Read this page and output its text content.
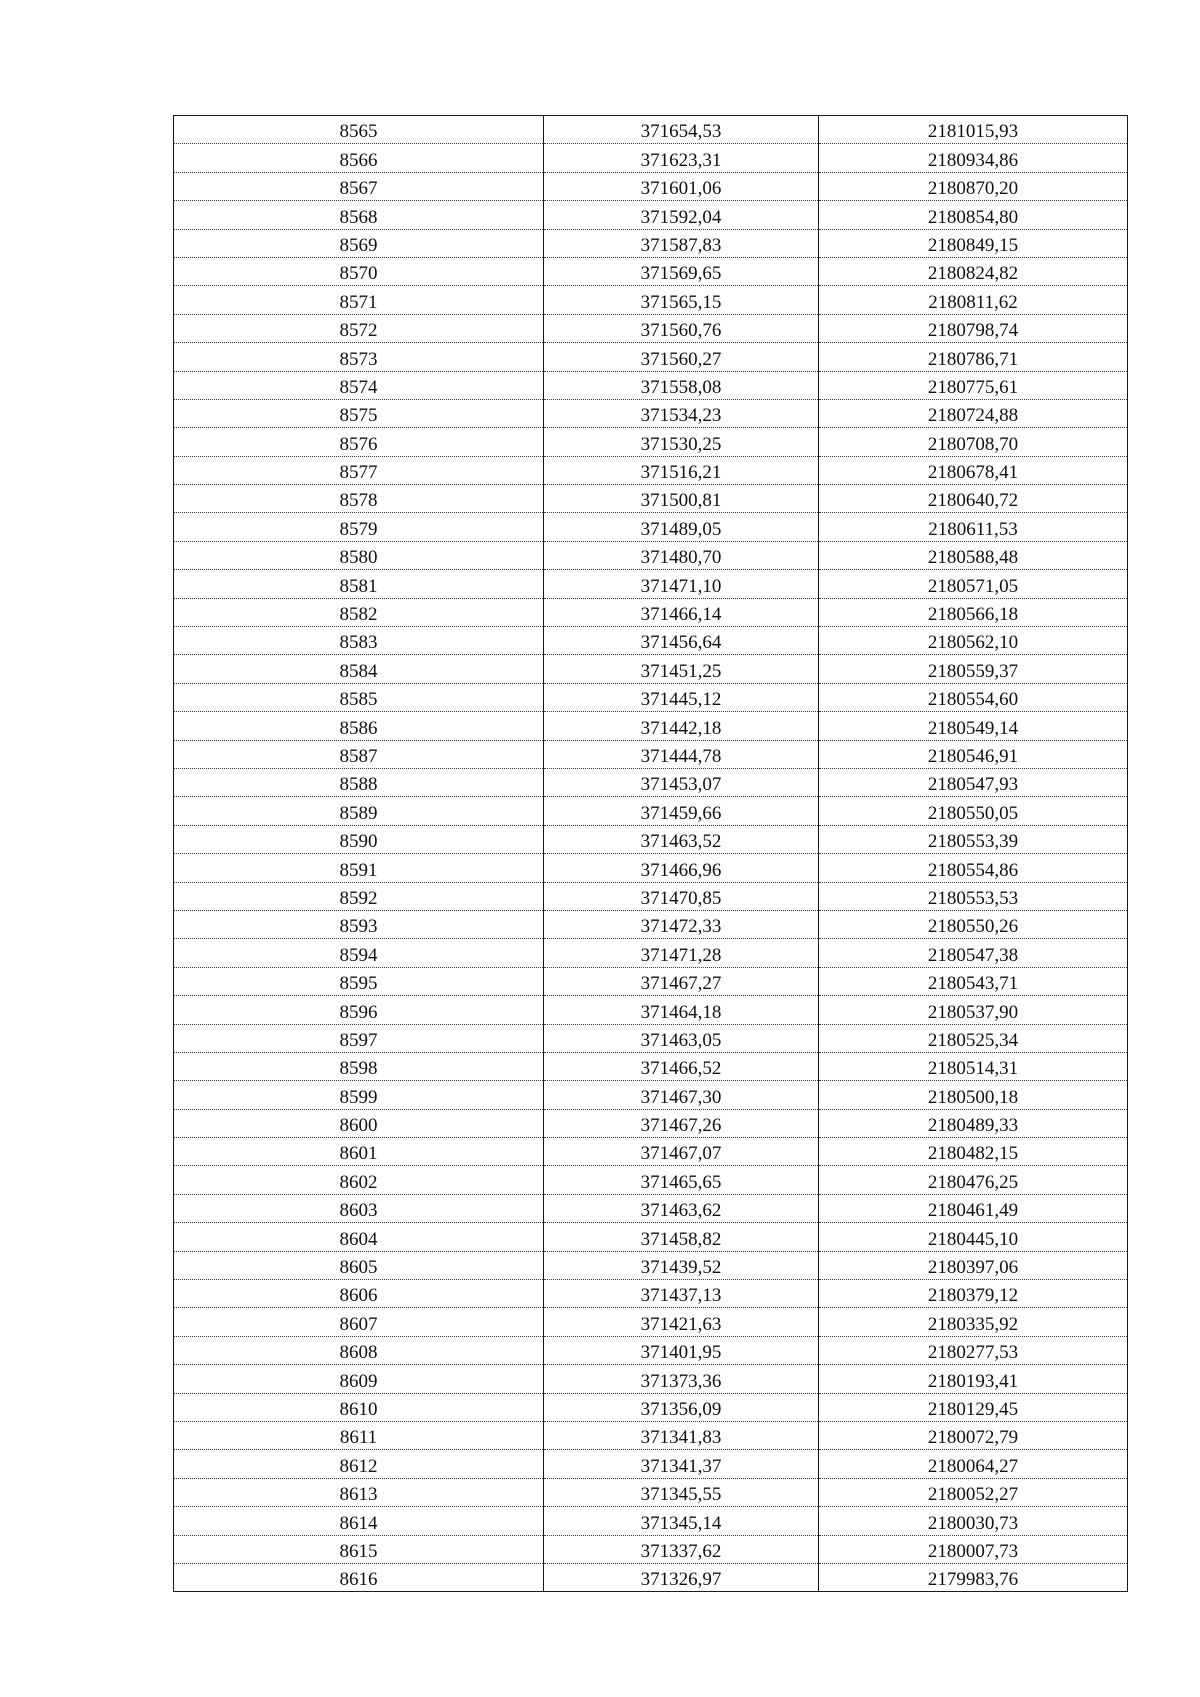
8565	371654,53	2181015,93
8566	371623,31	2180934,86
8567	371601,06	2180870,20
8568	371592,04	2180854,80
8569	371587,83	2180849,15
8570	371569,65	2180824,82
8571	371565,15	2180811,62
8572	371560,76	2180798,74
8573	371560,27	2180786,71
8574	371558,08	2180775,61
8575	371534,23	2180724,88
8576	371530,25	2180708,70
8577	371516,21	2180678,41
8578	371500,81	2180640,72
8579	371489,05	2180611,53
8580	371480,70	2180588,48
8581	371471,10	2180571,05
8582	371466,14	2180566,18
8583	371456,64	2180562,10
8584	371451,25	2180559,37
8585	371445,12	2180554,60
8586	371442,18	2180549,14
8587	371444,78	2180546,91
8588	371453,07	2180547,93
8589	371459,66	2180550,05
8590	371463,52	2180553,39
8591	371466,96	2180554,86
8592	371470,85	2180553,53
8593	371472,33	2180550,26
8594	371471,28	2180547,38
8595	371467,27	2180543,71
8596	371464,18	2180537,90
8597	371463,05	2180525,34
8598	371466,52	2180514,31
8599	371467,30	2180500,18
8600	371467,26	2180489,33
8601	371467,07	2180482,15
8602	371465,65	2180476,25
8603	371463,62	2180461,49
8604	371458,82	2180445,10
8605	371439,52	2180397,06
8606	371437,13	2180379,12
8607	371421,63	2180335,92
8608	371401,95	2180277,53
8609	371373,36	2180193,41
8610	371356,09	2180129,45
8611	371341,83	2180072,79
8612	371341,37	2180064,27
8613	371345,55	2180052,27
8614	371345,14	2180030,73
8615	371337,62	2180007,73
8616	371326,97	2179983,76
